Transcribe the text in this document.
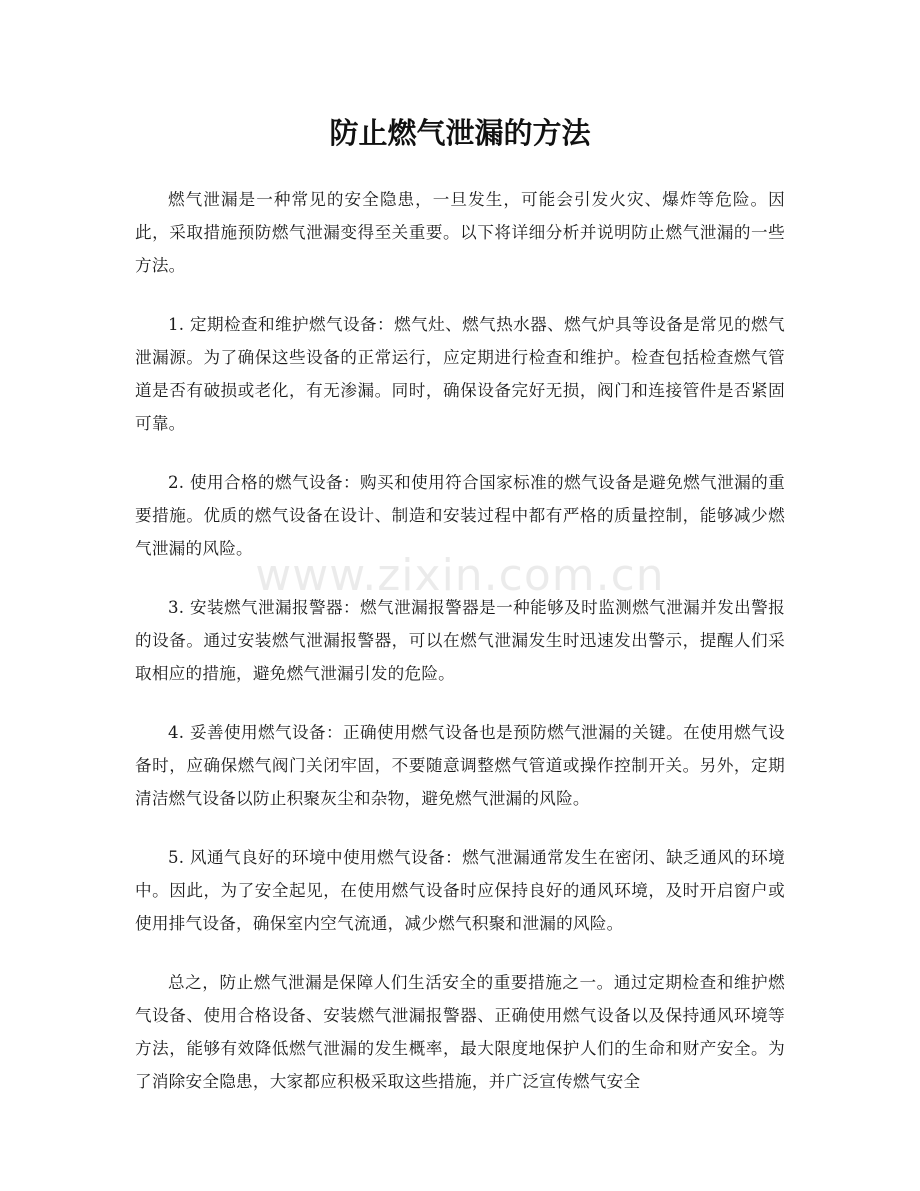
防止燃气泄漏的方法
www.zixin.com.cn

燃气泄漏是一种常见的安全隐患，一旦发生，可能会引发火灾、爆炸等危险。因此，采取措施预防燃气泄漏变得至关重要。以下将详细分析并说明防止燃气泄漏的一些方法。

1. 定期检查和维护燃气设备：燃气灶、燃气热水器、燃气炉具等设备是常见的燃气泄漏源。为了确保这些设备的正常运行，应定期进行检查和维护。检查包括检查燃气管道是否有破损或老化，有无渗漏。同时，确保设备完好无损，阀门和连接管件是否紧固可靠。

2. 使用合格的燃气设备：购买和使用符合国家标准的燃气设备是避免燃气泄漏的重要措施。优质的燃气设备在设计、制造和安装过程中都有严格的质量控制，能够减少燃气泄漏的风险。

3. 安装燃气泄漏报警器：燃气泄漏报警器是一种能够及时监测燃气泄漏并发出警报的设备。通过安装燃气泄漏报警器，可以在燃气泄漏发生时迅速发出警示，提醒人们采取相应的措施，避免燃气泄漏引发的危险。

4. 妥善使用燃气设备：正确使用燃气设备也是预防燃气泄漏的关键。在使用燃气设备时，应确保燃气阀门关闭牢固，不要随意调整燃气管道或操作控制开关。另外，定期清洁燃气设备以防止积聚灰尘和杂物，避免燃气泄漏的风险。

5. 风通气良好的环境中使用燃气设备：燃气泄漏通常发生在密闭、缺乏通风的环境中。因此，为了安全起见，在使用燃气设备时应保持良好的通风环境，及时开启窗户或使用排气设备，确保室内空气流通，减少燃气积聚和泄漏的风险。

总之，防止燃气泄漏是保障人们生活安全的重要措施之一。通过定期检查和维护燃气设备、使用合格设备、安装燃气泄漏报警器、正确使用燃气设备以及保持通风环境等方法，能够有效降低燃气泄漏的发生概率，最大限度地保护人们的生命和财产安全。为了消除安全隐患，大家都应积极采取这些措施，并广泛宣传燃气安全
